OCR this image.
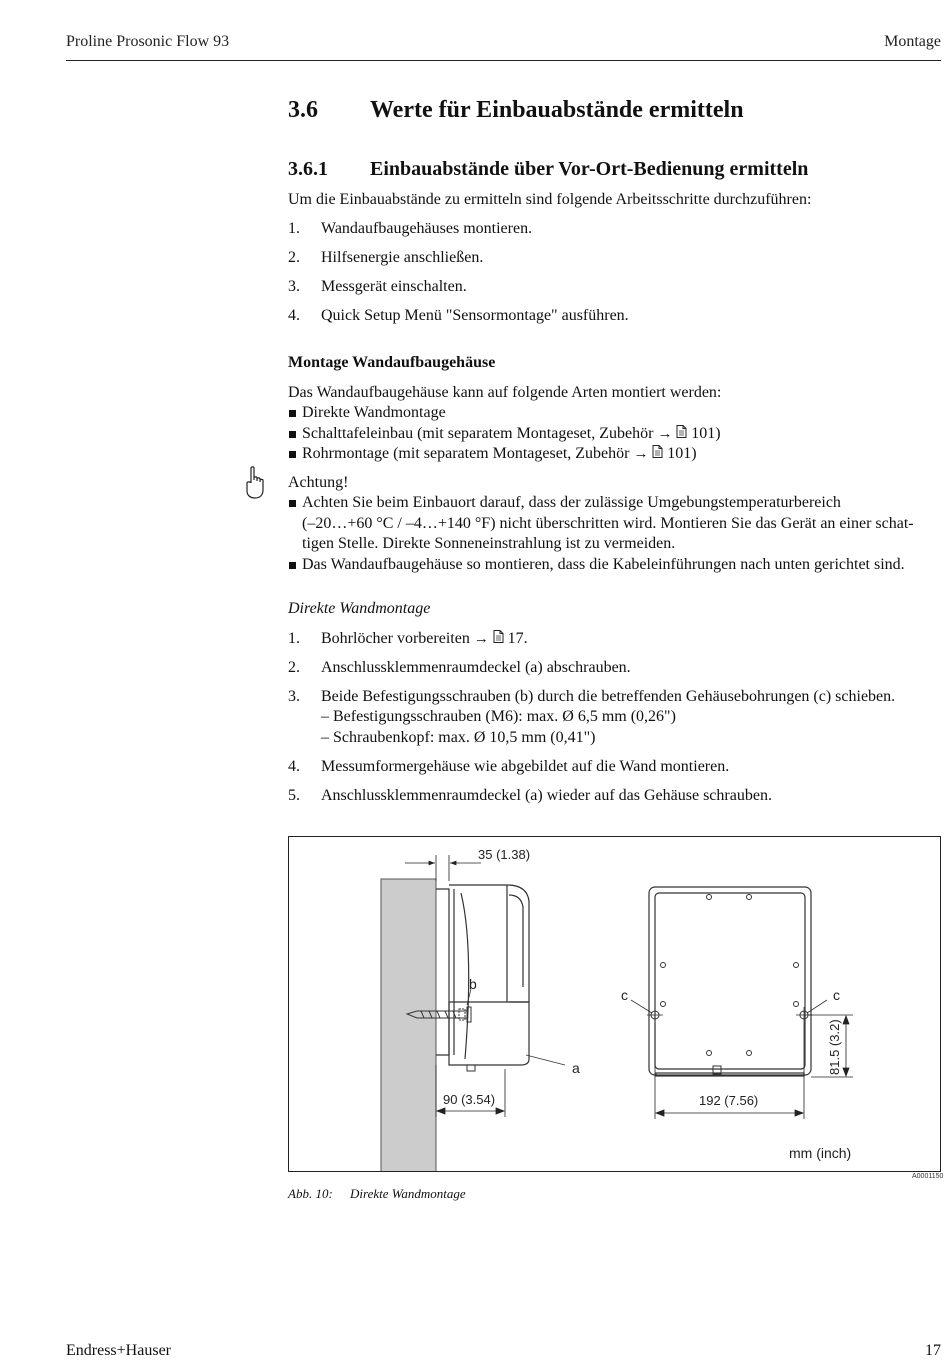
Proline Prosonic Flow 93	Montage
3.6 Werte für Einbauabstände ermitteln
3.6.1 Einbauabstände über Vor-Ort-Bedienung ermitteln
Um die Einbauabstände zu ermitteln sind folgende Arbeitsschritte durchzuführen:
1. Wandaufbaugehäuses montieren.
2. Hilfsenergie anschließen.
3. Messgerät einschalten.
4. Quick Setup Menü "Sensormontage" ausführen.
Montage Wandaufbaugehäuse
Das Wandaufbaugehäuse kann auf folgende Arten montiert werden:
Direkte Wandmontage
Schalttafeleinbau (mit separatem Montageset, Zubehör →  101)
Rohrmontage (mit separatem Montageset, Zubehör →  101)
Achtung!
Achten Sie beim Einbauort darauf, dass der zulässige Umgebungstemperaturbereich
(–20…+60 °C / –4…+140 °F) nicht überschritten wird. Montieren Sie das Gerät an einer schat-
tigen Stelle. Direkte Sonneneinstrahlung ist zu vermeiden.
Das Wandaufbaugehäuse so montieren, dass die Kabeleinführungen nach unten gerichtet sind.
Direkte Wandmontage
1. Bohrlöcher vorbereiten →  17.
2. Anschlussklemmenraumdeckel (a) abschrauben.
3. Beide Befestigungsschrauben (b) durch die betreffenden Gehäusebohrungen (c) schieben.
– Befestigungsschrauben (M6): max. Ø 6,5 mm (0,26")
– Schraubenkopf: max. Ø 10,5 mm (0,41")
4. Messumformergehäuse wie abgebildet auf die Wand montieren.
5. Anschlussklemmenraumdeckel (a) wieder auf das Gehäuse schrauben.
35 (1.38)
90 (3.54)	192 (7.56)
81.5 (3.2)
a
b
c	c
mm (inch)
A0001150
Abb. 10: Direkte Wandmontage
Endress+Hauser	17
